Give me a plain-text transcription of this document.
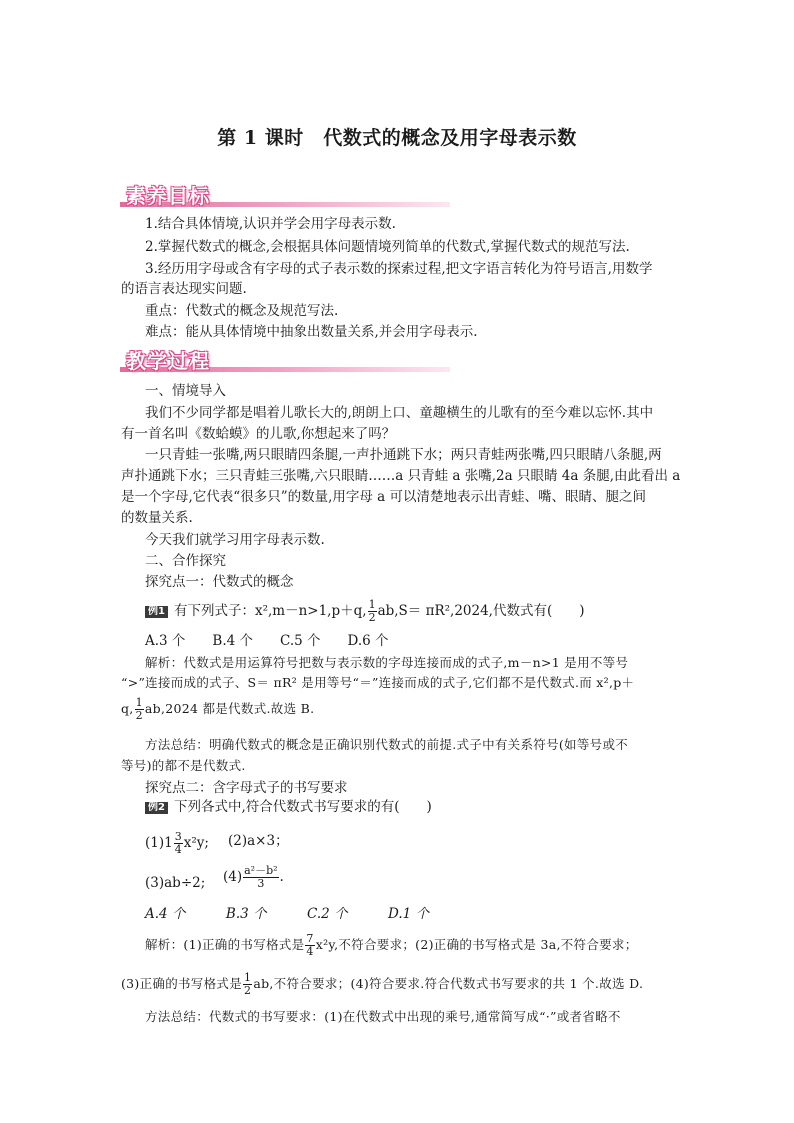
第 1 课时　代数式的概念及用字母表示数
素养目标
1.结合具体情境,认识并学会用字母表示数.
2.掌握代数式的概念,会根据具体问题情境列简单的代数式,掌握代数式的规范写法.
3.经历用字母或含有字母的式子表示数的探索过程,把文字语言转化为符号语言,用数学
的语言表达现实问题.
重点：代数式的概念及规范写法.
难点：能从具体情境中抽象出数量关系,并会用字母表示.
教学过程
一、情境导入
我们不少同学都是唱着儿歌长大的,朗朗上口、童趣横生的儿歌有的至今难以忘怀.其中
有一首名叫《数蛤蟆》的儿歌,你想起来了吗？
一只青蛙一张嘴,两只眼睛四条腿,一声扑通跳下水；两只青蛙两张嘴,四只眼睛八条腿,两
声扑通跳下水；三只青蛙三张嘴,六只眼睛……a 只青蛙 a 张嘴,2a 只眼睛 4a 条腿,由此看出 a
是一个字母,它代表“很多只”的数量,用字母 a 可以清楚地表示出青蛙、嘴、眼睛、腿之间
的数量关系.
今天我们就学习用字母表示数.
二、合作探究
探究点一：代数式的概念
例1 有下列式子：x²,m－n>1,p＋q, $\frac{1}{2} ab,S= \pi R^2,2024$,代数式有(　　)
A.3 个　　B.4 个　　C.5 个　　D.6 个
解析：代数式是用运算符号把数与表示数的字母连接而成的式子,m－n>1 是用不等号
“>”连接而成的式子、S＝ πR² 是用等号“＝”连接而成的式子,它们都不是代数式.而 x²,p＋
q, $\frac{1}{2} ab,2024$ 都是代数式.故选 B.
方法总结：明确代数式的概念是正确识别代数式的前提.式子中有关系符号(如等号或不
等号)的都不是代数式.
探究点二：含字母式子的书写要求
例2 下列各式中,符合代数式书写要求的有(　　)
$(1)1 \frac{3}{4} x^2y$; (2)a×3；
(3)ab÷2; $(4) \frac{\text{a²－b²}}{3}$ .
A.4 个　　　B.3 个　　　C.2 个　　　D.1 个
解析：(1)正确的书写格式是 $\frac{7}{4} x^2y$,不符合要求；(2)正确的书写格式是 3a,不符合要求；
(3)正确的书写格式是 $\frac{1}{2}$ ab,不符合要求；(4)符合要求.符合代数式书写要求的共 1 个.故选 D.
方法总结：代数式的书写要求：(1)在代数式中出现的乘号,通常简写成“·”或者省略不
